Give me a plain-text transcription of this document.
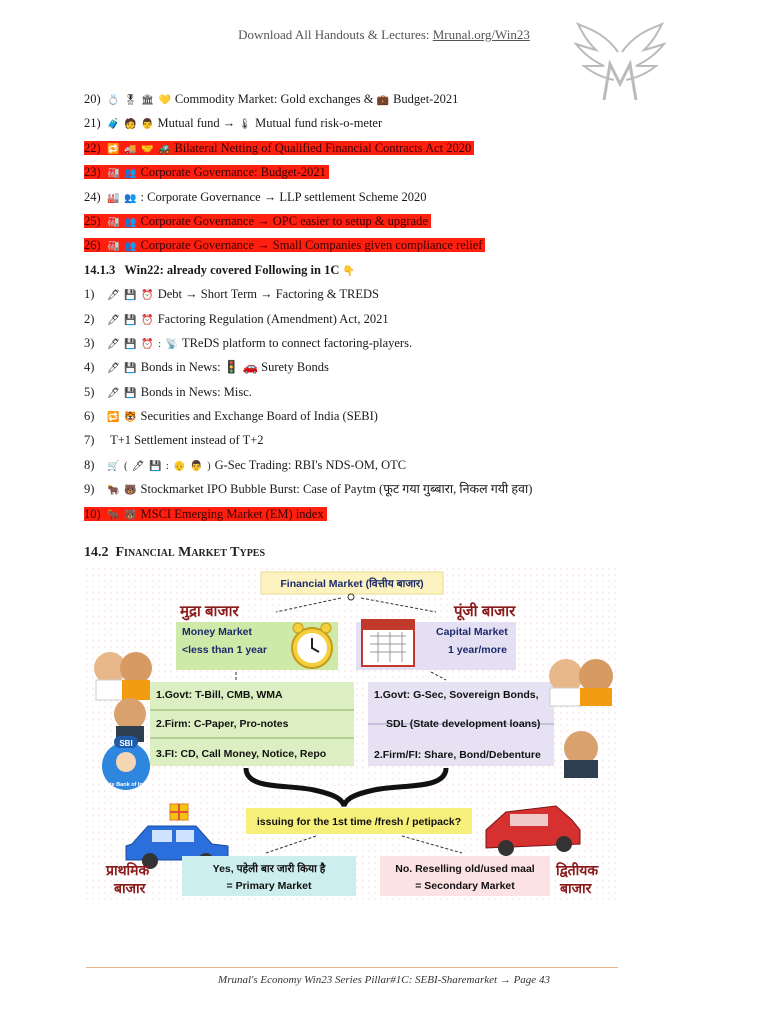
Download All Handouts & Lectures: Mrunal.org/Win23
20) 💍 🎖 🏛 💛 Commodity Market: Gold exchanges & 💼 Budget-2021
21) 🧳 🧑 👨 Mutual fund → 🌡 Mutual fund risk-o-meter
22) 🔁 🚚 🤝 🚜 Bilateral Netting of Qualified Financial Contracts Act 2020
23) 🏭 👥 Corporate Governance: Budget-2021
24) 🏭 👥 : Corporate Governance → LLP settlement Scheme 2020
25) 🏭 👥 Corporate Governance → OPC easier to setup & upgrade
26) 🏭 👥 Corporate Governance → Small Companies given compliance relief
14.1.3 Win22: already covered Following in 1C 👇
1) 🖊 💾 ⏰ Debt → Short Term → Factoring & TREDS
2) 🖊 💾 ⏰ Factoring Regulation (Amendment) Act, 2021
3) 🖊 💾 ⏰ : 📡 TReDS platform to connect factoring-players.
4) 🖊 💾 Bonds in News: 🚦 🚗 Surety Bonds
5) 🖊 💾 Bonds in News: Misc.
6) 🔁 🐯 Securities and Exchange Board of India (SEBI)
7) T+1 Settlement instead of T+2
8) 🛒 ( 🖊 💾 : 👴 👨 ) G-Sec Trading: RBI's NDS-OM, OTC
9) 🐂 🐻 Stockmarket IPO Bubble Burst: Case of Paytm (फूट गया गुब्बारा, निकल गयी हवा)
10) 🐂 🐻 MSCI Emerging Market (EM) index
14.2 Financial Market Types
Financial Market (वित्तीय बाजार)
मुद्रा बाजार	पूंजी बाजार
Money Market
<less than 1 year
Capital Market
1 year/more
1.Govt: T-Bill, CMB, WMA
2.Firm: C-Paper, Pro-notes
3.FI: CD, Call Money, Notice, Repo
1.Govt: G-Sec, Sovereign Bonds,
SDL (State development loans)
2.Firm/FI: Share, Bond/Debenture
SBI
State Bank of India
issuing for the 1st time /fresh / petipack?
प्राथमिक
बाजार
Yes, पहेली बार जारी किया है
= Primary Market
No. Reselling old/used maal
= Secondary Market
द्वितीयक
बाजार
Mrunal's Economy Win23 Series Pillar#1C: SEBI-Sharemarket → Page 43
